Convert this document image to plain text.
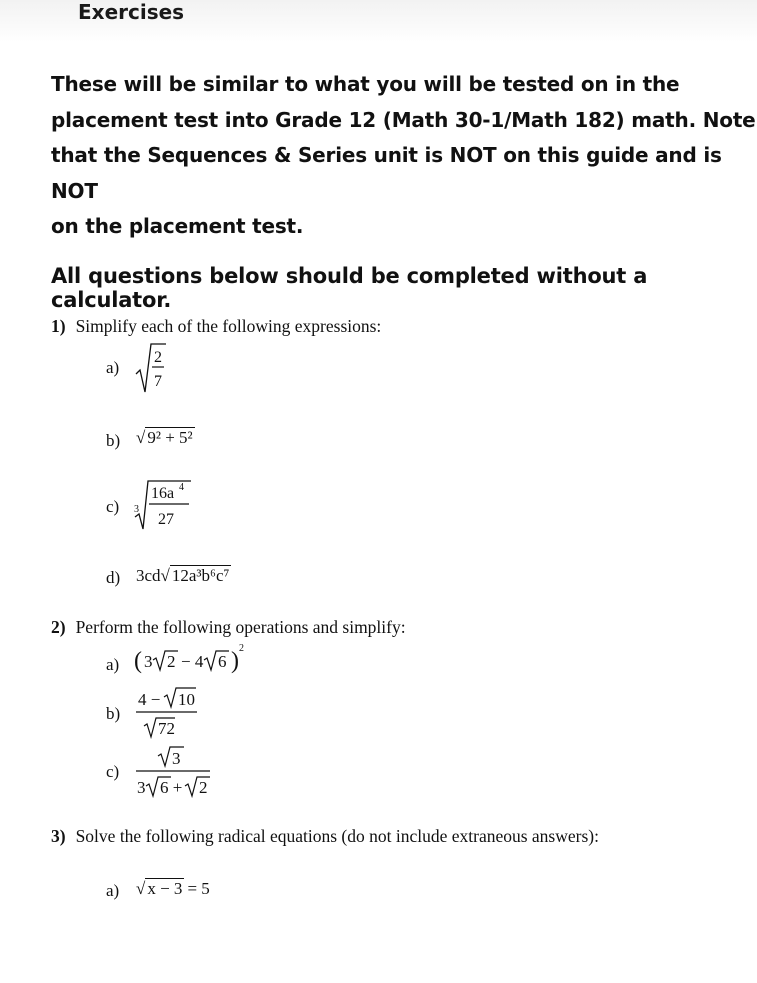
Exercises
These will be similar to what you will be tested on in the
placement test into Grade 12 (Math 30-1/Math 182) math. Note
that the Sequences & Series unit is NOT on this guide and is NOT
on the placement test.
All questions below should be completed without a calculator.
1) Simplify each of the following expressions:
a)
2
7
b) √ 9² + 5²
c) 3
16a 4
27
d) 3cd√ 12a³b⁶c⁷
2) Perform the following operations and simplify:
a) ( 3 2 − 4 6 ) 2
b)
4 − 10
72
c)
3
3 6 + 2
3) Solve the following radical equations (do not include extraneous answers):
a) √ x − 3 = 5
